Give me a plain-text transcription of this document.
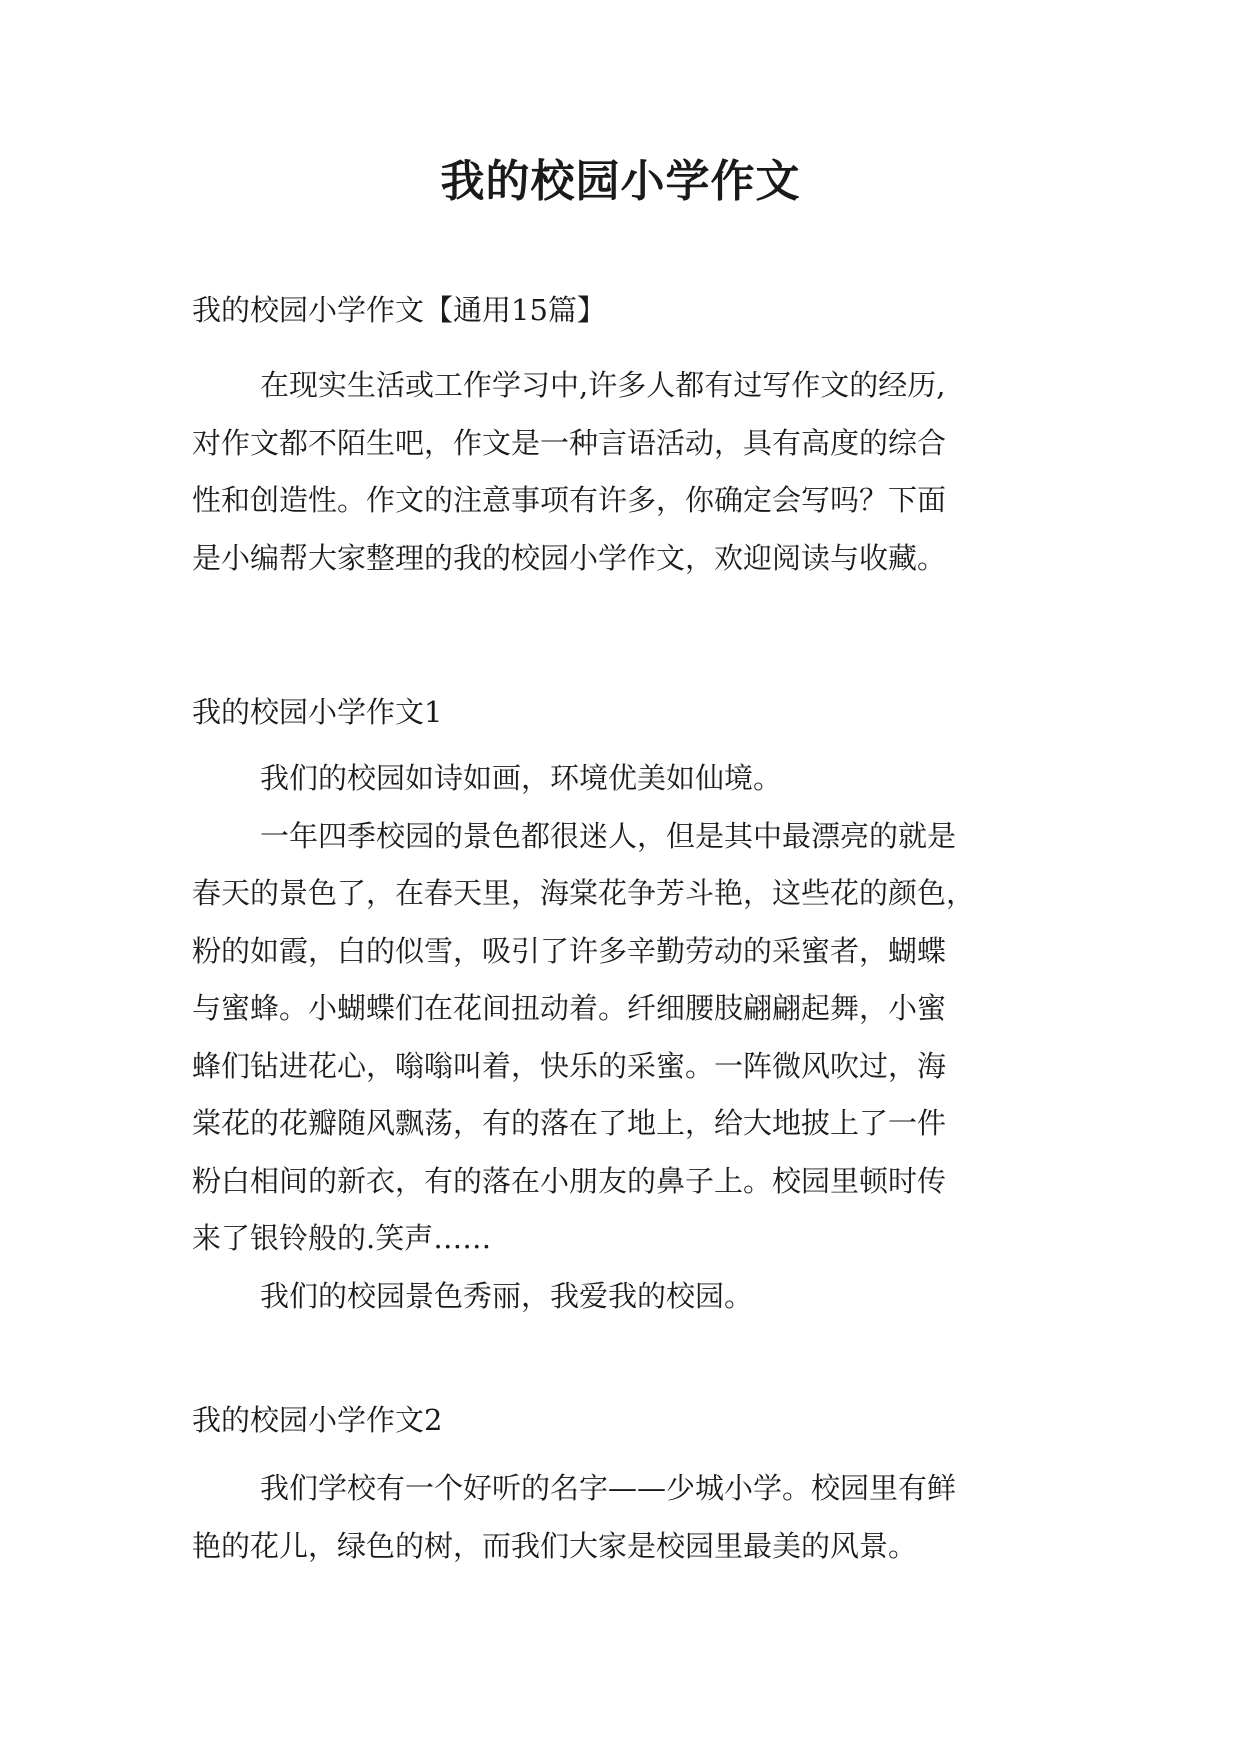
我的校园小学作文
我的校园小学作文【通用15篇】
在现实生活或工作学习中,许多人都有过写作文的经历,
对作文都不陌生吧，作文是一种言语活动，具有高度的综合
性和创造性。作文的注意事项有许多，你确定会写吗？下面
是小编帮大家整理的我的校园小学作文，欢迎阅读与收藏。
我的校园小学作文1
我们的校园如诗如画，环境优美如仙境。
一年四季校园的景色都很迷人，但是其中最漂亮的就是
春天的景色了，在春天里，海棠花争芳斗艳，这些花的颜色，
粉的如霞，白的似雪，吸引了许多辛勤劳动的采蜜者，蝴蝶
与蜜蜂。小蝴蝶们在花间扭动着。纤细腰肢翩翩起舞，小蜜
蜂们钻进花心，嗡嗡叫着，快乐的采蜜。一阵微风吹过，海
棠花的花瓣随风飘荡，有的落在了地上，给大地披上了一件
粉白相间的新衣，有的落在小朋友的鼻子上。校园里顿时传
来了银铃般的.笑声……
我们的校园景色秀丽，我爱我的校园。
我的校园小学作文2
我们学校有一个好听的名字——少城小学。校园里有鲜
艳的花儿，绿色的树，而我们大家是校园里最美的风景。
